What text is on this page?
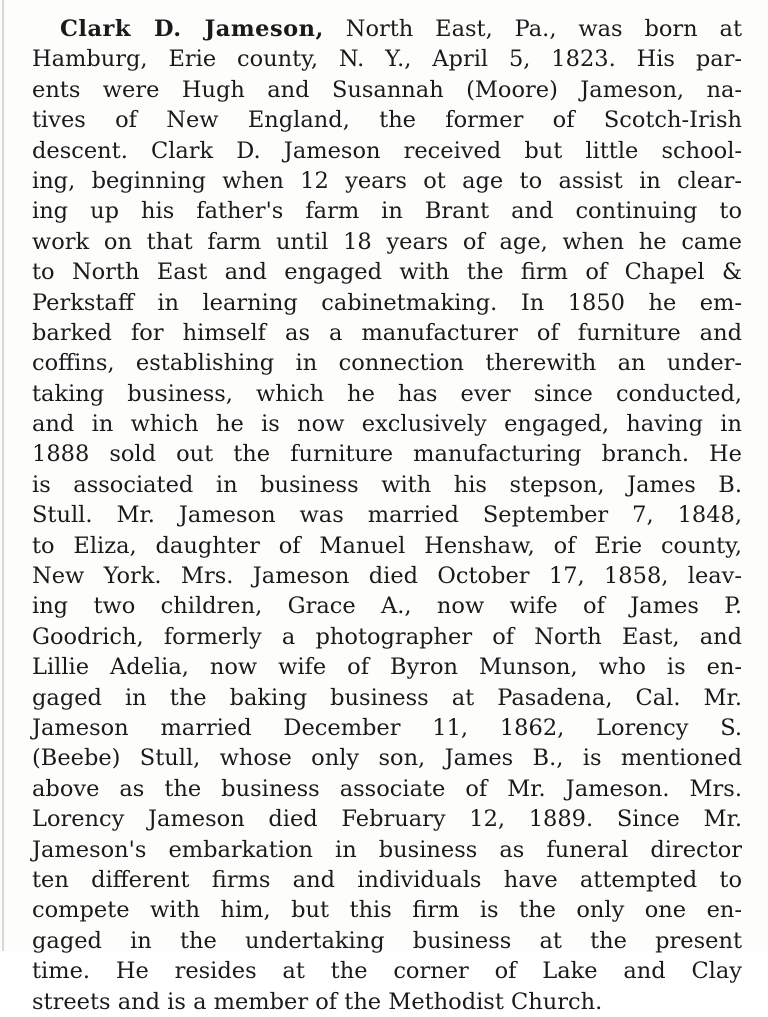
Clark D. Jameson, North East, Pa., was born at
Hamburg, Erie county, N. Y., April 5, 1823. His par-
ents were Hugh and Susannah (Moore) Jameson, na-
tives of New England, the former of Scotch-Irish
descent. Clark D. Jameson received but little school-
ing, beginning when 12 years ot age to assist in clear-
ing up his father's farm in Brant and continuing to
work on that farm until 18 years of age, when he came
to North East and engaged with the firm of Chapel &
Perkstaff in learning cabinetmaking. In 1850 he em-
barked for himself as a manufacturer of furniture and
coffins, establishing in connection therewith an under-
taking business, which he has ever since conducted,
and in which he is now exclusively engaged, having in
1888 sold out the furniture manufacturing branch. He
is associated in business with his stepson, James B.
Stull. Mr. Jameson was married September 7, 1848,
to Eliza, daughter of Manuel Henshaw, of Erie county,
New York. Mrs. Jameson died October 17, 1858, leav-
ing two children, Grace A., now wife of James P.
Goodrich, formerly a photographer of North East, and
Lillie Adelia, now wife of Byron Munson, who is en-
gaged in the baking business at Pasadena, Cal. Mr.
Jameson married December 11, 1862, Lorency S.
(Beebe) Stull, whose only son, James B., is mentioned
above as the business associate of Mr. Jameson. Mrs.
Lorency Jameson died February 12, 1889. Since Mr.
Jameson's embarkation in business as funeral director
ten different firms and individuals have attempted to
compete with him, but this firm is the only one en-
gaged in the undertaking business at the present
time. He resides at the corner of Lake and Clay
streets and is a member of the Methodist Church.
